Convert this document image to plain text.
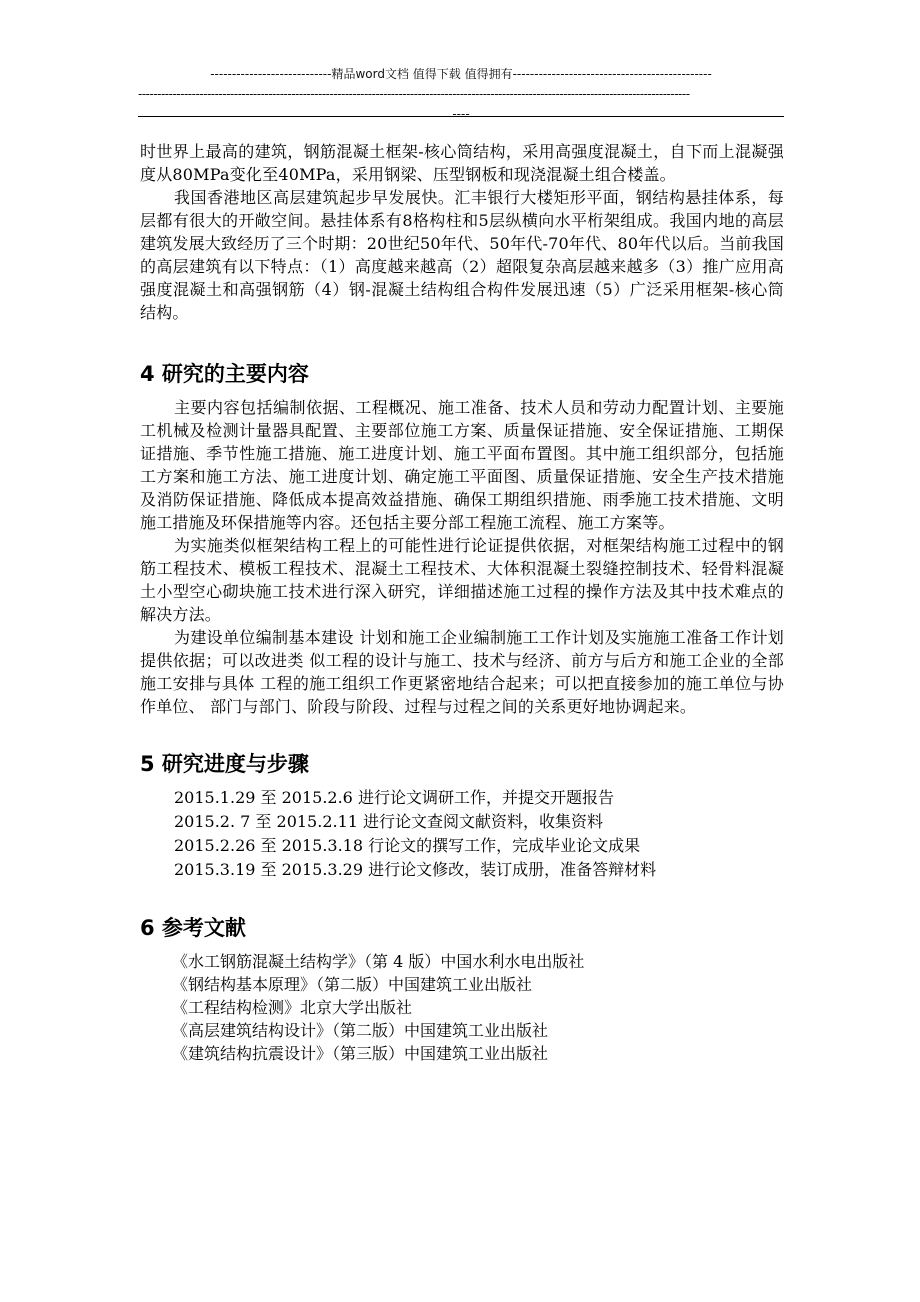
----------------------------精品word文档 值得下载 值得拥有----------------------------------------------
------------------------------------------------------------------------------------------------------------------------------------------------
----

时世界上最高的建筑，钢筋混凝土框架-核心筒结构，采用高强度混凝土，自下而上混凝强度从80MPa变化至40MPa，采用钢梁、压型钢板和现浇混凝土组合楼盖。

我国香港地区高层建筑起步早发展快。汇丰银行大楼矩形平面，钢结构悬挂体系，每层都有很大的开敞空间。悬挂体系有8格构柱和5层纵横向水平桁架组成。我国内地的高层建筑发展大致经历了三个时期：20世纪50年代、50年代-70年代、80年代以后。当前我国的高层建筑有以下特点：（1）高度越来越高（2）超限复杂高层越来越多（3）推广应用高强度混凝土和高强钢筋（4）钢-混凝土结构组合构件发展迅速（5）广泛采用框架-核心筒结构。

4 研究的主要内容

主要内容包括编制依据、工程概况、施工准备、技术人员和劳动力配置计划、主要施工机械及检测计量器具配置、主要部位施工方案、质量保证措施、安全保证措施、工期保证措施、季节性施工措施、施工进度计划、施工平面布置图。其中施工组织部分，包括施工方案和施工方法、施工进度计划、确定施工平面图、质量保证措施、安全生产技术措施及消防保证措施、降低成本提高效益措施、确保工期组织措施、雨季施工技术措施、文明施工措施及环保措施等内容。还包括主要分部工程施工流程、施工方案等。

为实施类似框架结构工程上的可能性进行论证提供依据，对框架结构施工过程中的钢筋工程技术、模板工程技术、混凝土工程技术、大体积混凝土裂缝控制技术、轻骨料混凝土小型空心砌块施工技术进行深入研究，详细描述施工过程的操作方法及其中技术难点的解决方法。

为建设单位编制基本建设 计划和施工企业编制施工工作计划及实施施工准备工作计划提供依据；可以改进类 似工程的设计与施工、技术与经济、前方与后方和施工企业的全部施工安排与具体 工程的施工组织工作更紧密地结合起来；可以把直接参加的施工单位与协作单位、 部门与部门、阶段与阶段、过程与过程之间的关系更好地协调起来。

5 研究进度与步骤
2015.1.29 至 2015.2.6 进行论文调研工作，并提交开题报告
2015.2. 7 至 2015.2.11 进行论文查阅文献资料，收集资料
2015.2.26 至 2015.3.18 行论文的撰写工作，完成毕业论文成果
2015.3.19 至 2015.3.29 进行论文修改，装订成册，准备答辩材料
6 参考文献
《水工钢筋混凝土结构学》（第 4 版）中国水利水电出版社
《钢结构基本原理》（第二版）中国建筑工业出版社
《工程结构检测》北京大学出版社
《高层建筑结构设计》（第二版）中国建筑工业出版社
《建筑结构抗震设计》（第三版）中国建筑工业出版社
